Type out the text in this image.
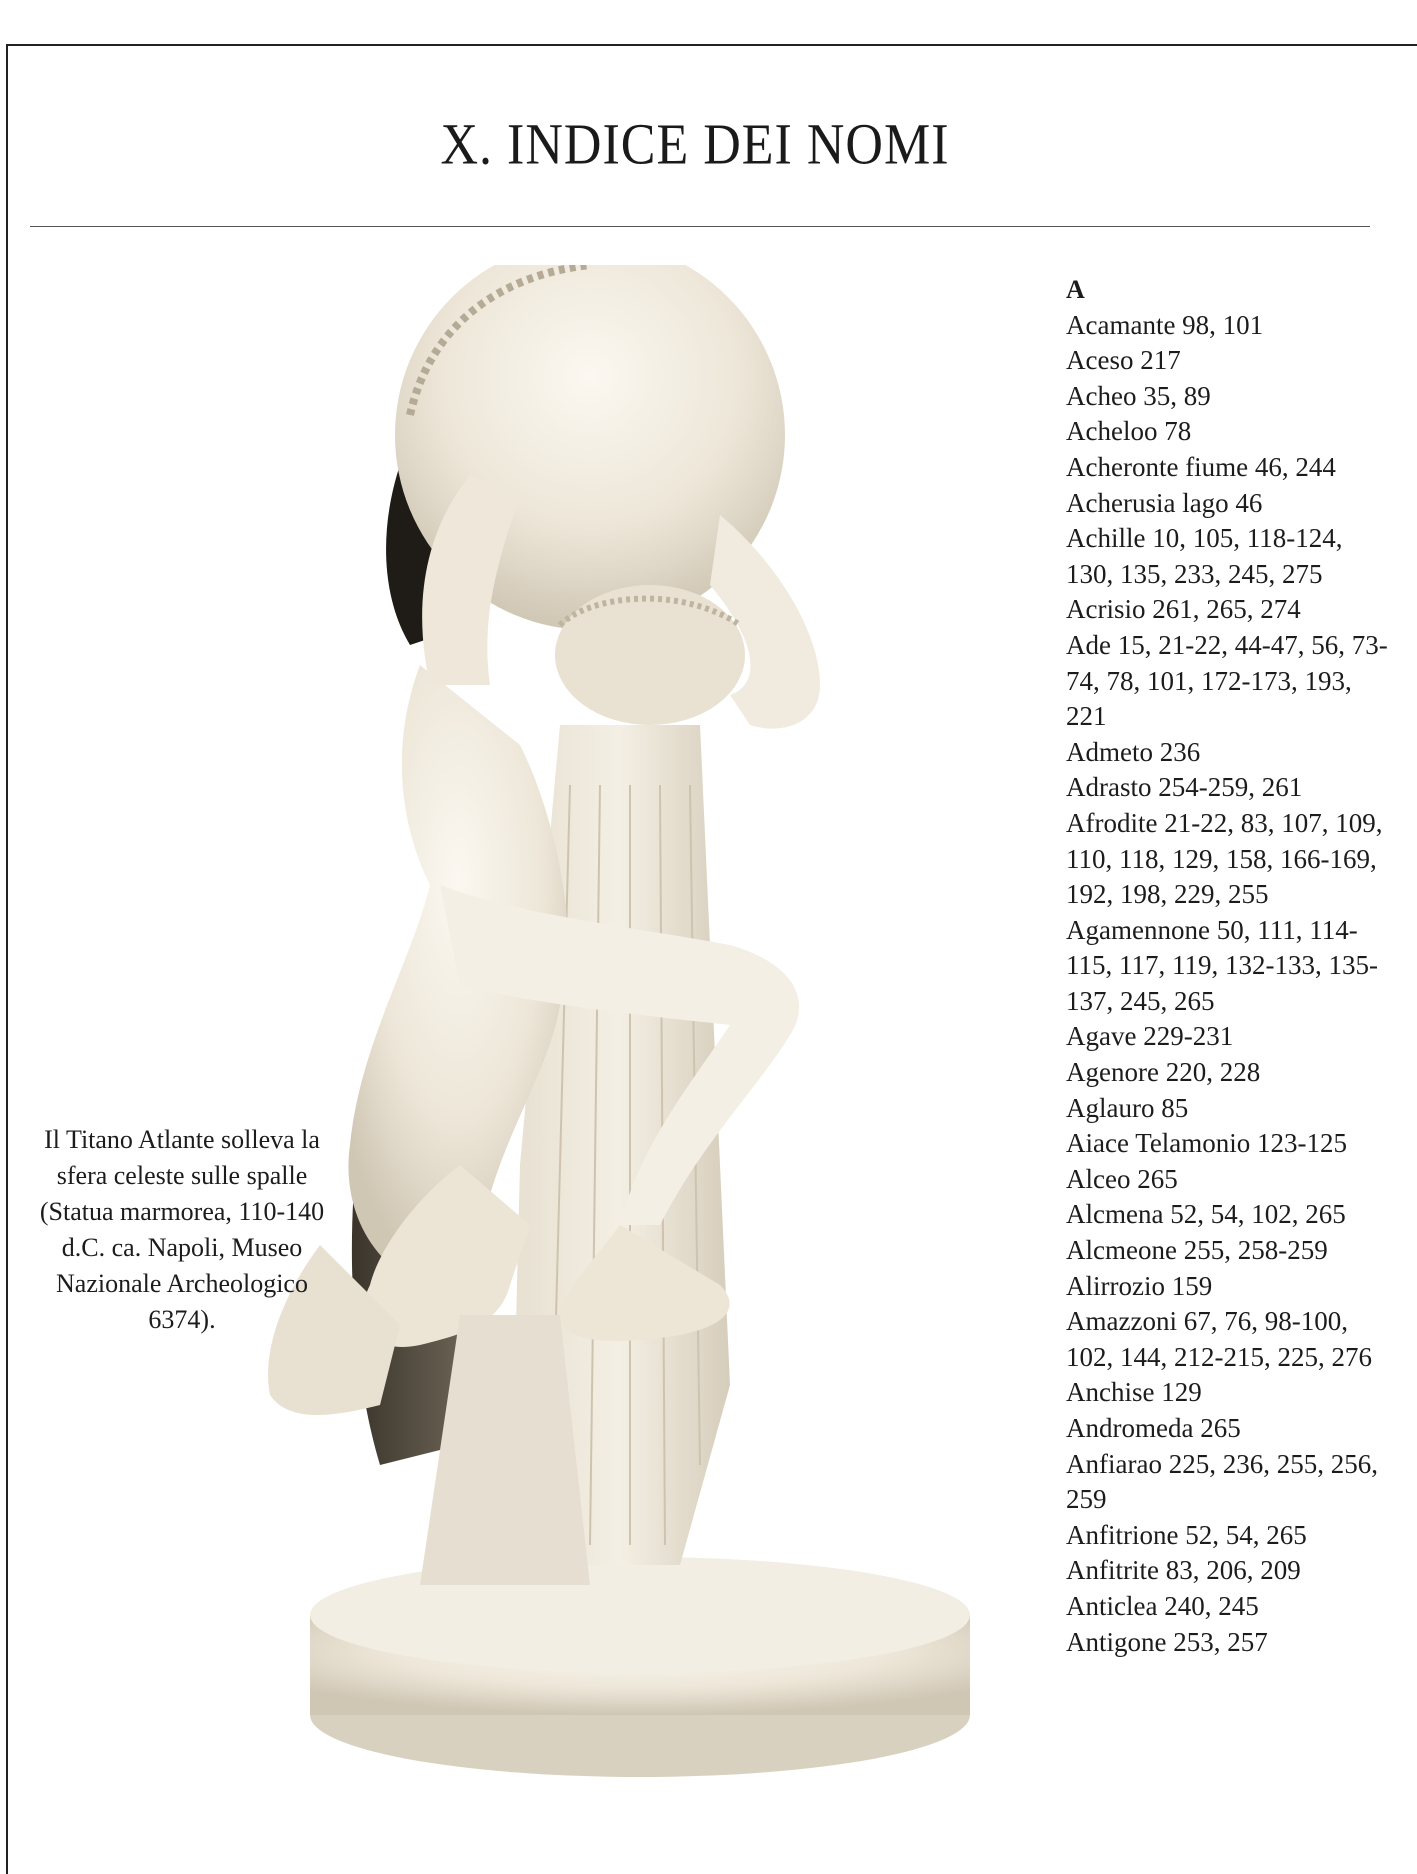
X. INDICE DEI NOMI

Il Titano Atlante solleva la sfera celeste sulle spalle (Statua marmorea, 110-140 d.C. ca. Napoli, Museo Nazionale Archeologico 6374).

A
Acamante 98, 101
Aceso 217
Acheo 35, 89
Acheloo 78
Acheronte fiume 46, 244
Acherusia lago 46
Achille 10, 105, 118-124, 130, 135, 233, 245, 275
Acrisio 261, 265, 274
Ade 15, 21-22, 44-47, 56, 73-74, 78, 101, 172-173, 193, 221
Admeto 236
Adrasto 254-259, 261
Afrodite 21-22, 83, 107, 109, 110, 118, 129, 158, 166-169, 192, 198, 229, 255
Agamennone 50, 111, 114-115, 117, 119, 132-133, 135-137, 245, 265
Agave 229-231
Agenore 220, 228
Aglauro 85
Aiace Telamonio 123-125
Alceo 265
Alcmena 52, 54, 102, 265
Alcmeone 255, 258-259
Alirrozio 159
Amazzoni 67, 76, 98-100, 102, 144, 212-215, 225, 276
Anchise 129
Andromeda 265
Anfiarao 225, 236, 255, 256, 259
Anfitrione 52, 54, 265
Anfitrite 83, 206, 209
Anticlea 240, 245
Antigone 253, 257
